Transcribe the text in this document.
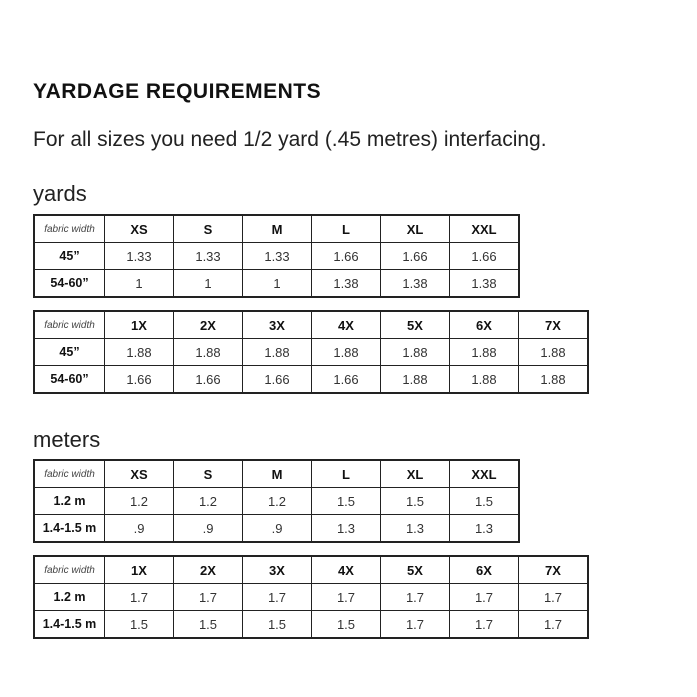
YARDAGE REQUIREMENTS

For all sizes you need 1/2 yard (.45 metres) interfacing.

yards

fabric width	XS	S	M	L	XL	XXL
45”	1.33	1.33	1.33	1.66	1.66	1.66
54-60”	1	1	1	1.38	1.38	1.38
fabric width	1X	2X	3X	4X	5X	6X	7X
45”	1.88	1.88	1.88	1.88	1.88	1.88	1.88
54-60”	1.66	1.66	1.66	1.66	1.88	1.88	1.88

meters

fabric width	XS	S	M	L	XL	XXL
1.2 m	1.2	1.2	1.2	1.5	1.5	1.5
1.4-1.5 m	.9	.9	.9	1.3	1.3	1.3
fabric width	1X	2X	3X	4X	5X	6X	7X
1.2 m	1.7	1.7	1.7	1.7	1.7	1.7	1.7
1.4-1.5 m	1.5	1.5	1.5	1.5	1.7	1.7	1.7
